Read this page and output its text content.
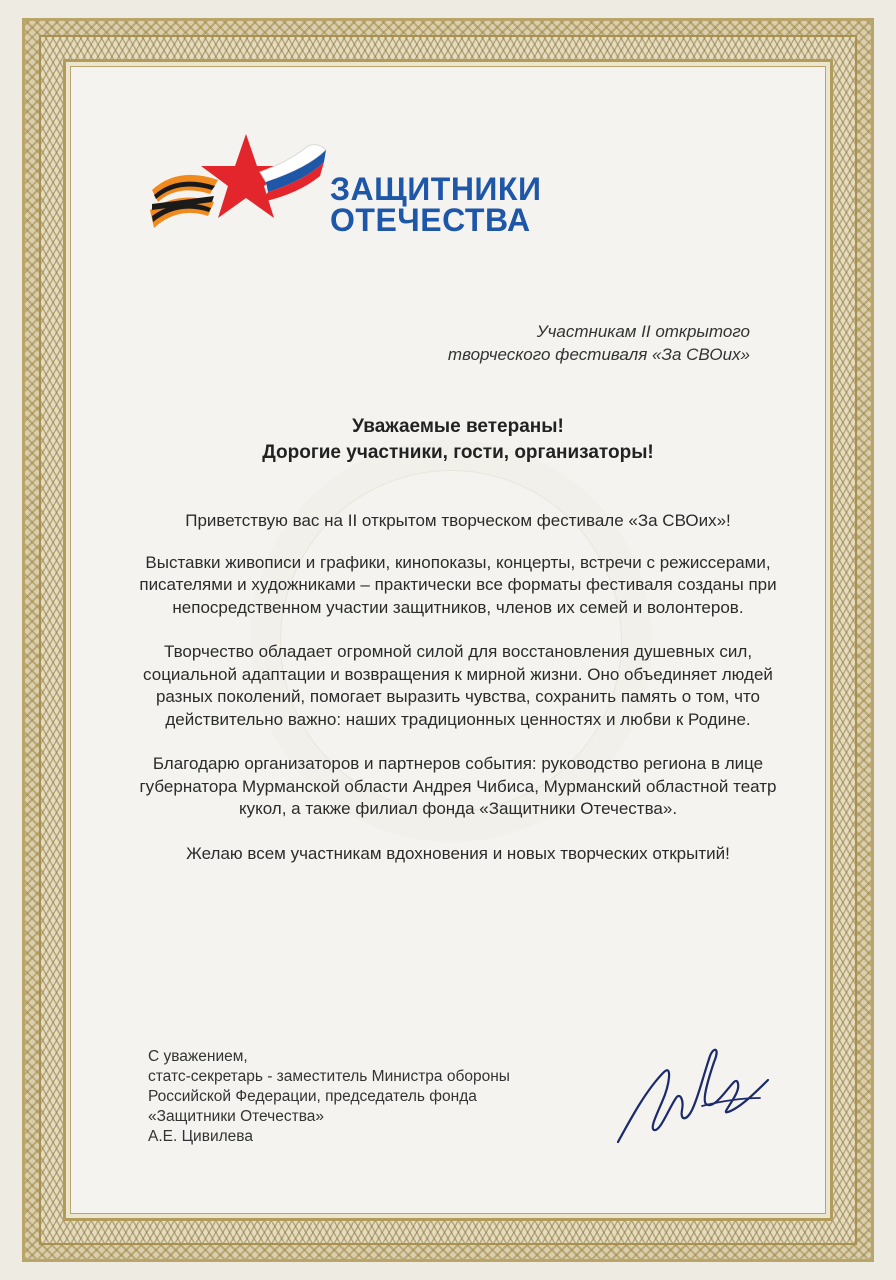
ЗАЩИТНИКИ
ОТЕЧЕСТВА
Участникам II открытого
творческого фестиваля «За СВОих»
Уважаемые ветераны!
Дорогие участники, гости, организаторы!

Приветствую вас на II открытом творческом фестивале «За СВОих»!

Выставки живописи и графики, кинопоказы, концерты, встречи с режиссерами, писателями и художниками – практически все форматы фестиваля созданы при непосредственном участии защитников, членов их семей и волонтеров.

Творчество обладает огромной силой для восстановления душевных сил, социальной адаптации и возвращения к мирной жизни. Оно объединяет людей разных поколений, помогает выразить чувства, сохранить память о том, что действительно важно: наших традиционных ценностях и любви к Родине.

Благодарю организаторов и партнеров события: руководство региона в лице губернатора Мурманской области Андрея Чибиса, Мурманский областной театр кукол, а также филиал фонда «Защитники Отечества».

Желаю всем участникам вдохновения и новых творческих открытий!

С уважением,
статс-секретарь - заместитель Министра обороны
Российской Федерации, председатель фонда
«Защитники Отечества»
А.Е. Цивилева
